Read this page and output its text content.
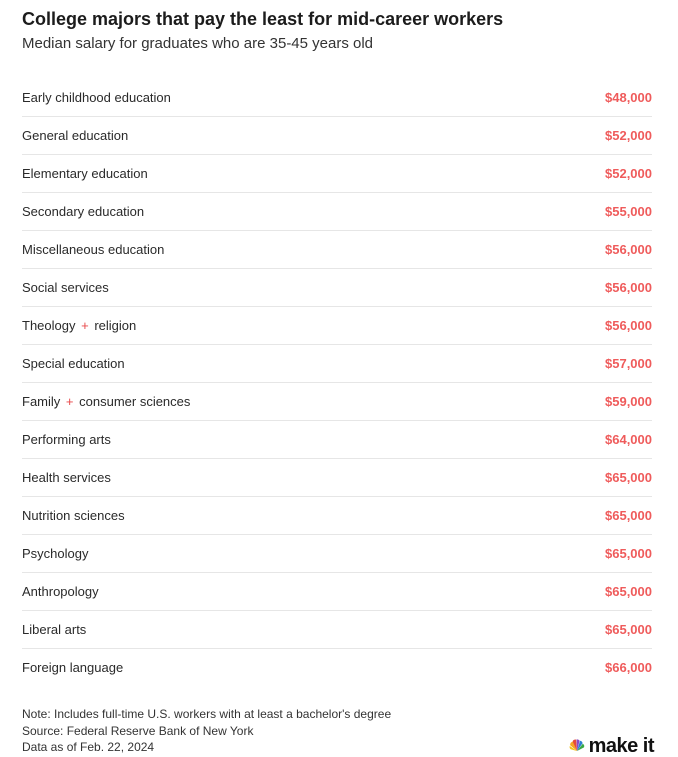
College majors that pay the least for mid-career workers
Median salary for graduates who are 35-45 years old
Early childhood education	$48,000
General education	$52,000
Elementary education	$52,000
Secondary education	$55,000
Miscellaneous education	$56,000
Social services	$56,000
Theology + religion	$56,000
Special education	$57,000
Family + consumer sciences	$59,000
Performing arts	$64,000
Health services	$65,000
Nutrition sciences	$65,000
Psychology	$65,000
Anthropology	$65,000
Liberal arts	$65,000
Foreign language	$66,000
Note: Includes full-time U.S. workers with at least a bachelor's degree
Source: Federal Reserve Bank of New York
Data as of Feb. 22, 2024	make it
